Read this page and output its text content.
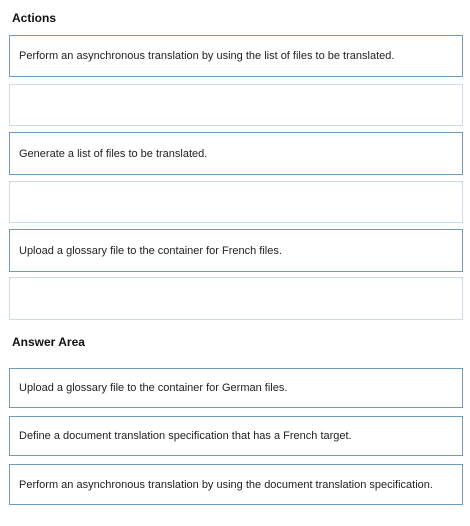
Actions
Perform an asynchronous translation by using the list of files to be translated.
Generate a list of files to be translated.
Upload a glossary file to the container for French files.
Answer Area
Upload a glossary file to the container for German files.
Define a document translation specification that has a French target.
Perform an asynchronous translation by using the document translation specification.
